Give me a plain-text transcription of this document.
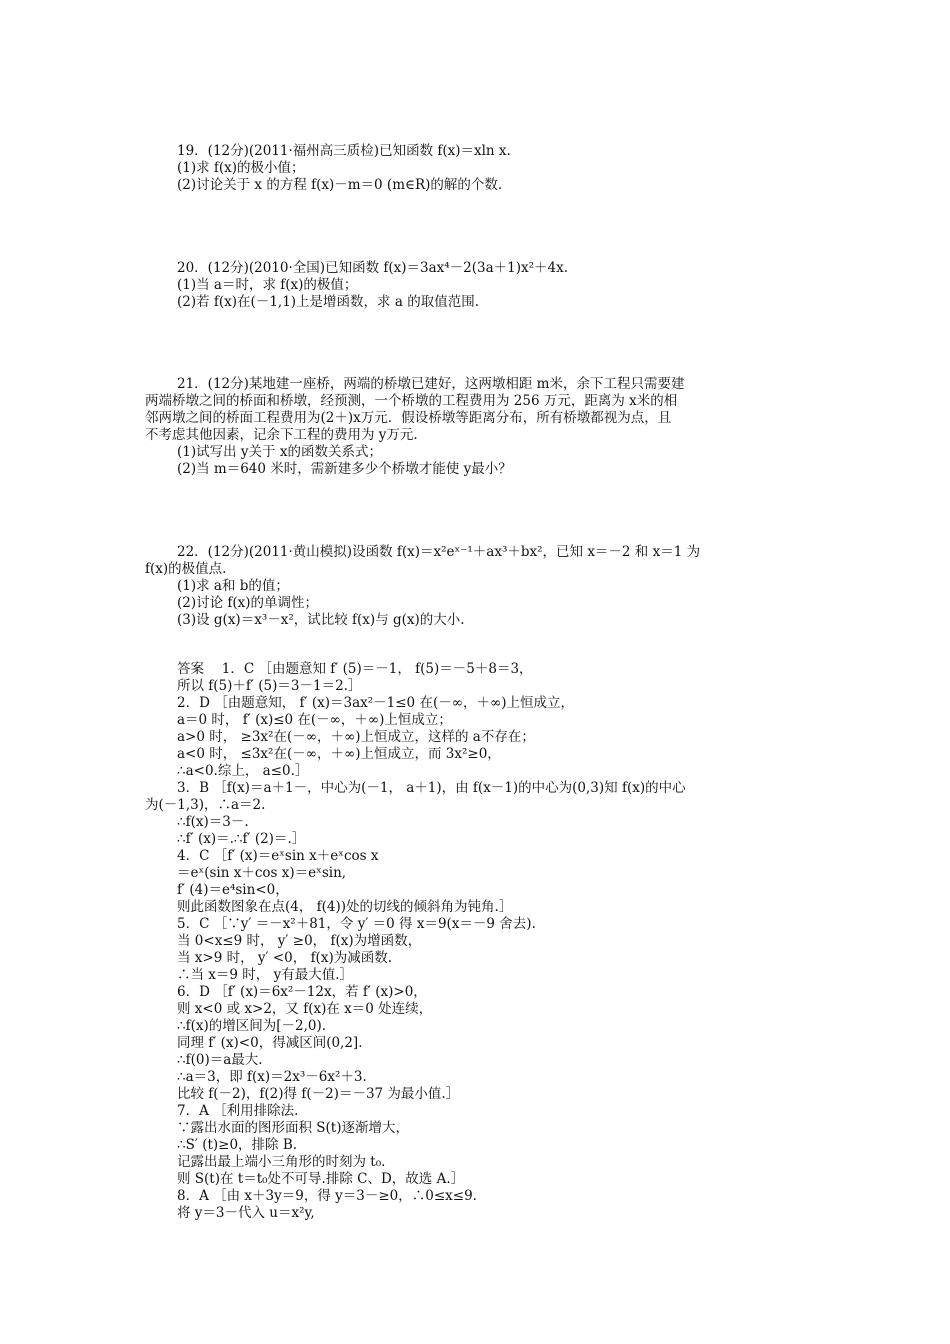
19．(12分)(2011·福州高三质检)已知函数 f(x)＝xln x.
(1)求 f(x)的极小值；
(2)讨论关于 x 的方程 f(x)－m＝0 (m∈R)的解的个数.
20．(12分)(2010·全国)已知函数 f(x)＝3ax⁴－2(3a＋1)x²＋4x.
(1)当 a＝时，求 f(x)的极值；
(2)若 f(x)在(－1,1)上是增函数，求 a 的取值范围.
21．(12分)某地建一座桥，两端的桥墩已建好，这两墩相距 m米，余下工程只需要建
两端桥墩之间的桥面和桥墩，经预测，一个桥墩的工程费用为 256 万元，距离为 x米的相
邻两墩之间的桥面工程费用为(2＋)x万元．假设桥墩等距离分布，所有桥墩都视为点，且
不考虑其他因素，记余下工程的费用为 y万元.
(1)试写出 y关于 x的函数关系式；
(2)当 m＝640 米时，需新建多少个桥墩才能使 y最小？
22．(12分)(2011·黄山模拟)设函数 f(x)＝x²eˣ⁻¹＋ax³＋bx²，已知 x＝－2 和 x＝1 为
f(x)的极值点.
(1)求 a和 b的值；
(2)讨论 f(x)的单调性；
(3)设 g(x)＝x³－x²，试比较 f(x)与 g(x)的大小.
答案　 1．C ［由题意知 f′ (5)＝－1， f(5)＝－5＋8＝3，
所以 f(5)＋f′ (5)＝3－1＝2.］
2．D ［由题意知， f′ (x)＝3ax²－1≤0 在(－∞，＋∞)上恒成立，
a＝0 时， f′ (x)≤0 在(－∞，＋∞)上恒成立；
a>0 时， ≥3x²在(－∞，＋∞)上恒成立，这样的 a不存在；
a<0 时， ≤3x²在(－∞，＋∞)上恒成立，而 3x²≥0，
∴a<0.综上， a≤0.］
3．B ［f(x)＝a＋1－，中心为(－1， a＋1)，由 f(x－1)的中心为(0,3)知 f(x)的中心
为(－1,3)，∴a＝2.
∴f(x)＝3－.
∴f′ (x)＝.∴f′ (2)＝.］
4．C ［f′ (x)＝eˣsin x＋eˣcos x
＝eˣ(sin x＋cos x)＝eˣsin,
f′ (4)＝e⁴sin<0，
则此函数图象在点(4， f(4))处的切线的倾斜角为钝角.］
5．C ［∵y′ ＝－x²＋81，令 y′ ＝0 得 x＝9(x＝－9 舍去).
当 0<x≤9 时， y′ ≥0， f(x)为增函数，
当 x>9 时， y′ <0， f(x)为减函数.
∴当 x＝9 时， y有最大值.］
6．D ［f′ (x)＝6x²－12x，若 f′ (x)>0，
则 x<0 或 x>2，又 f(x)在 x＝0 处连续，
∴f(x)的增区间为[－2,0).
同理 f′ (x)<0，得减区间(0,2].
∴f(0)＝a最大.
∴a＝3，即 f(x)＝2x³－6x²＋3.
比较 f(－2)，f(2)得 f(－2)＝－37 为最小值.］
7．A ［利用排除法.
∵露出水面的图形面积 S(t)逐渐增大，
∴S′ (t)≥0，排除 B.
记露出最上端小三角形的时刻为 t₀.
则 S(t)在 t＝t₀处不可导.排除 C、D，故选 A.］
8．A ［由 x＋3y＝9，得 y＝3－≥0，∴0≤x≤9.
将 y＝3－代入 u＝x²y,
